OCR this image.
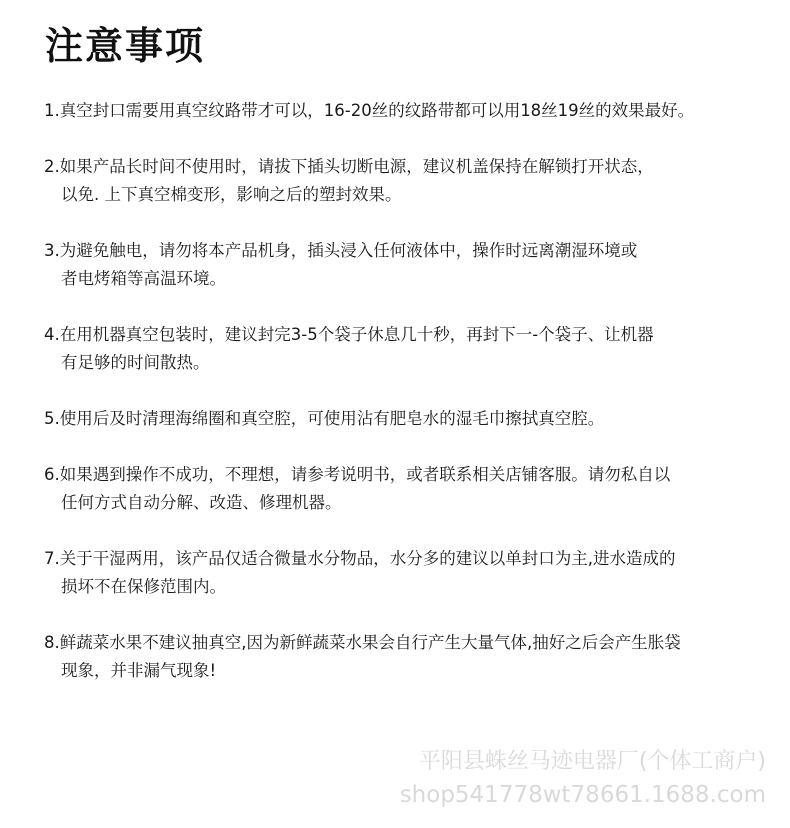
注意事项
1.真空封口需要用真空纹路带才可以，16-20丝的纹路带都可以用18丝19丝的效果最好。
2.如果产品长时间不使用时，请拔下插头切断电源，建议机盖保持在解锁打开状态，
以免. 上下真空棉变形，影响之后的塑封效果。
3.为避免触电，请勿将本产品机身，插头浸入任何液体中，操作时远离潮湿环境或
者电烤箱等高温环境。
4.在用机器真空包装时，建议封完3-5个袋子休息几十秒，再封下一-个袋子、让机器
有足够的时间散热。
5.使用后及时清理海绵圈和真空腔，可使用沾有肥皂水的湿毛巾擦拭真空腔。
6.如果遇到操作不成功，不理想，请参考说明书，或者联系相关店铺客服。请勿私自以
任何方式自动分解、改造、修理机器。
7.关于干湿两用，该产品仅适合微量水分物品，水分多的建议以单封口为主,进水造成的
损坏不在保修范围内。
8.鲜蔬菜水果不建议抽真空,因为新鲜蔬菜水果会自行产生大量气体,抽好之后会产生胀袋
现象，并非漏气现象!
平阳县蛛丝马迹电器厂(个体工商户)
shop541778wt78661.1688.com
